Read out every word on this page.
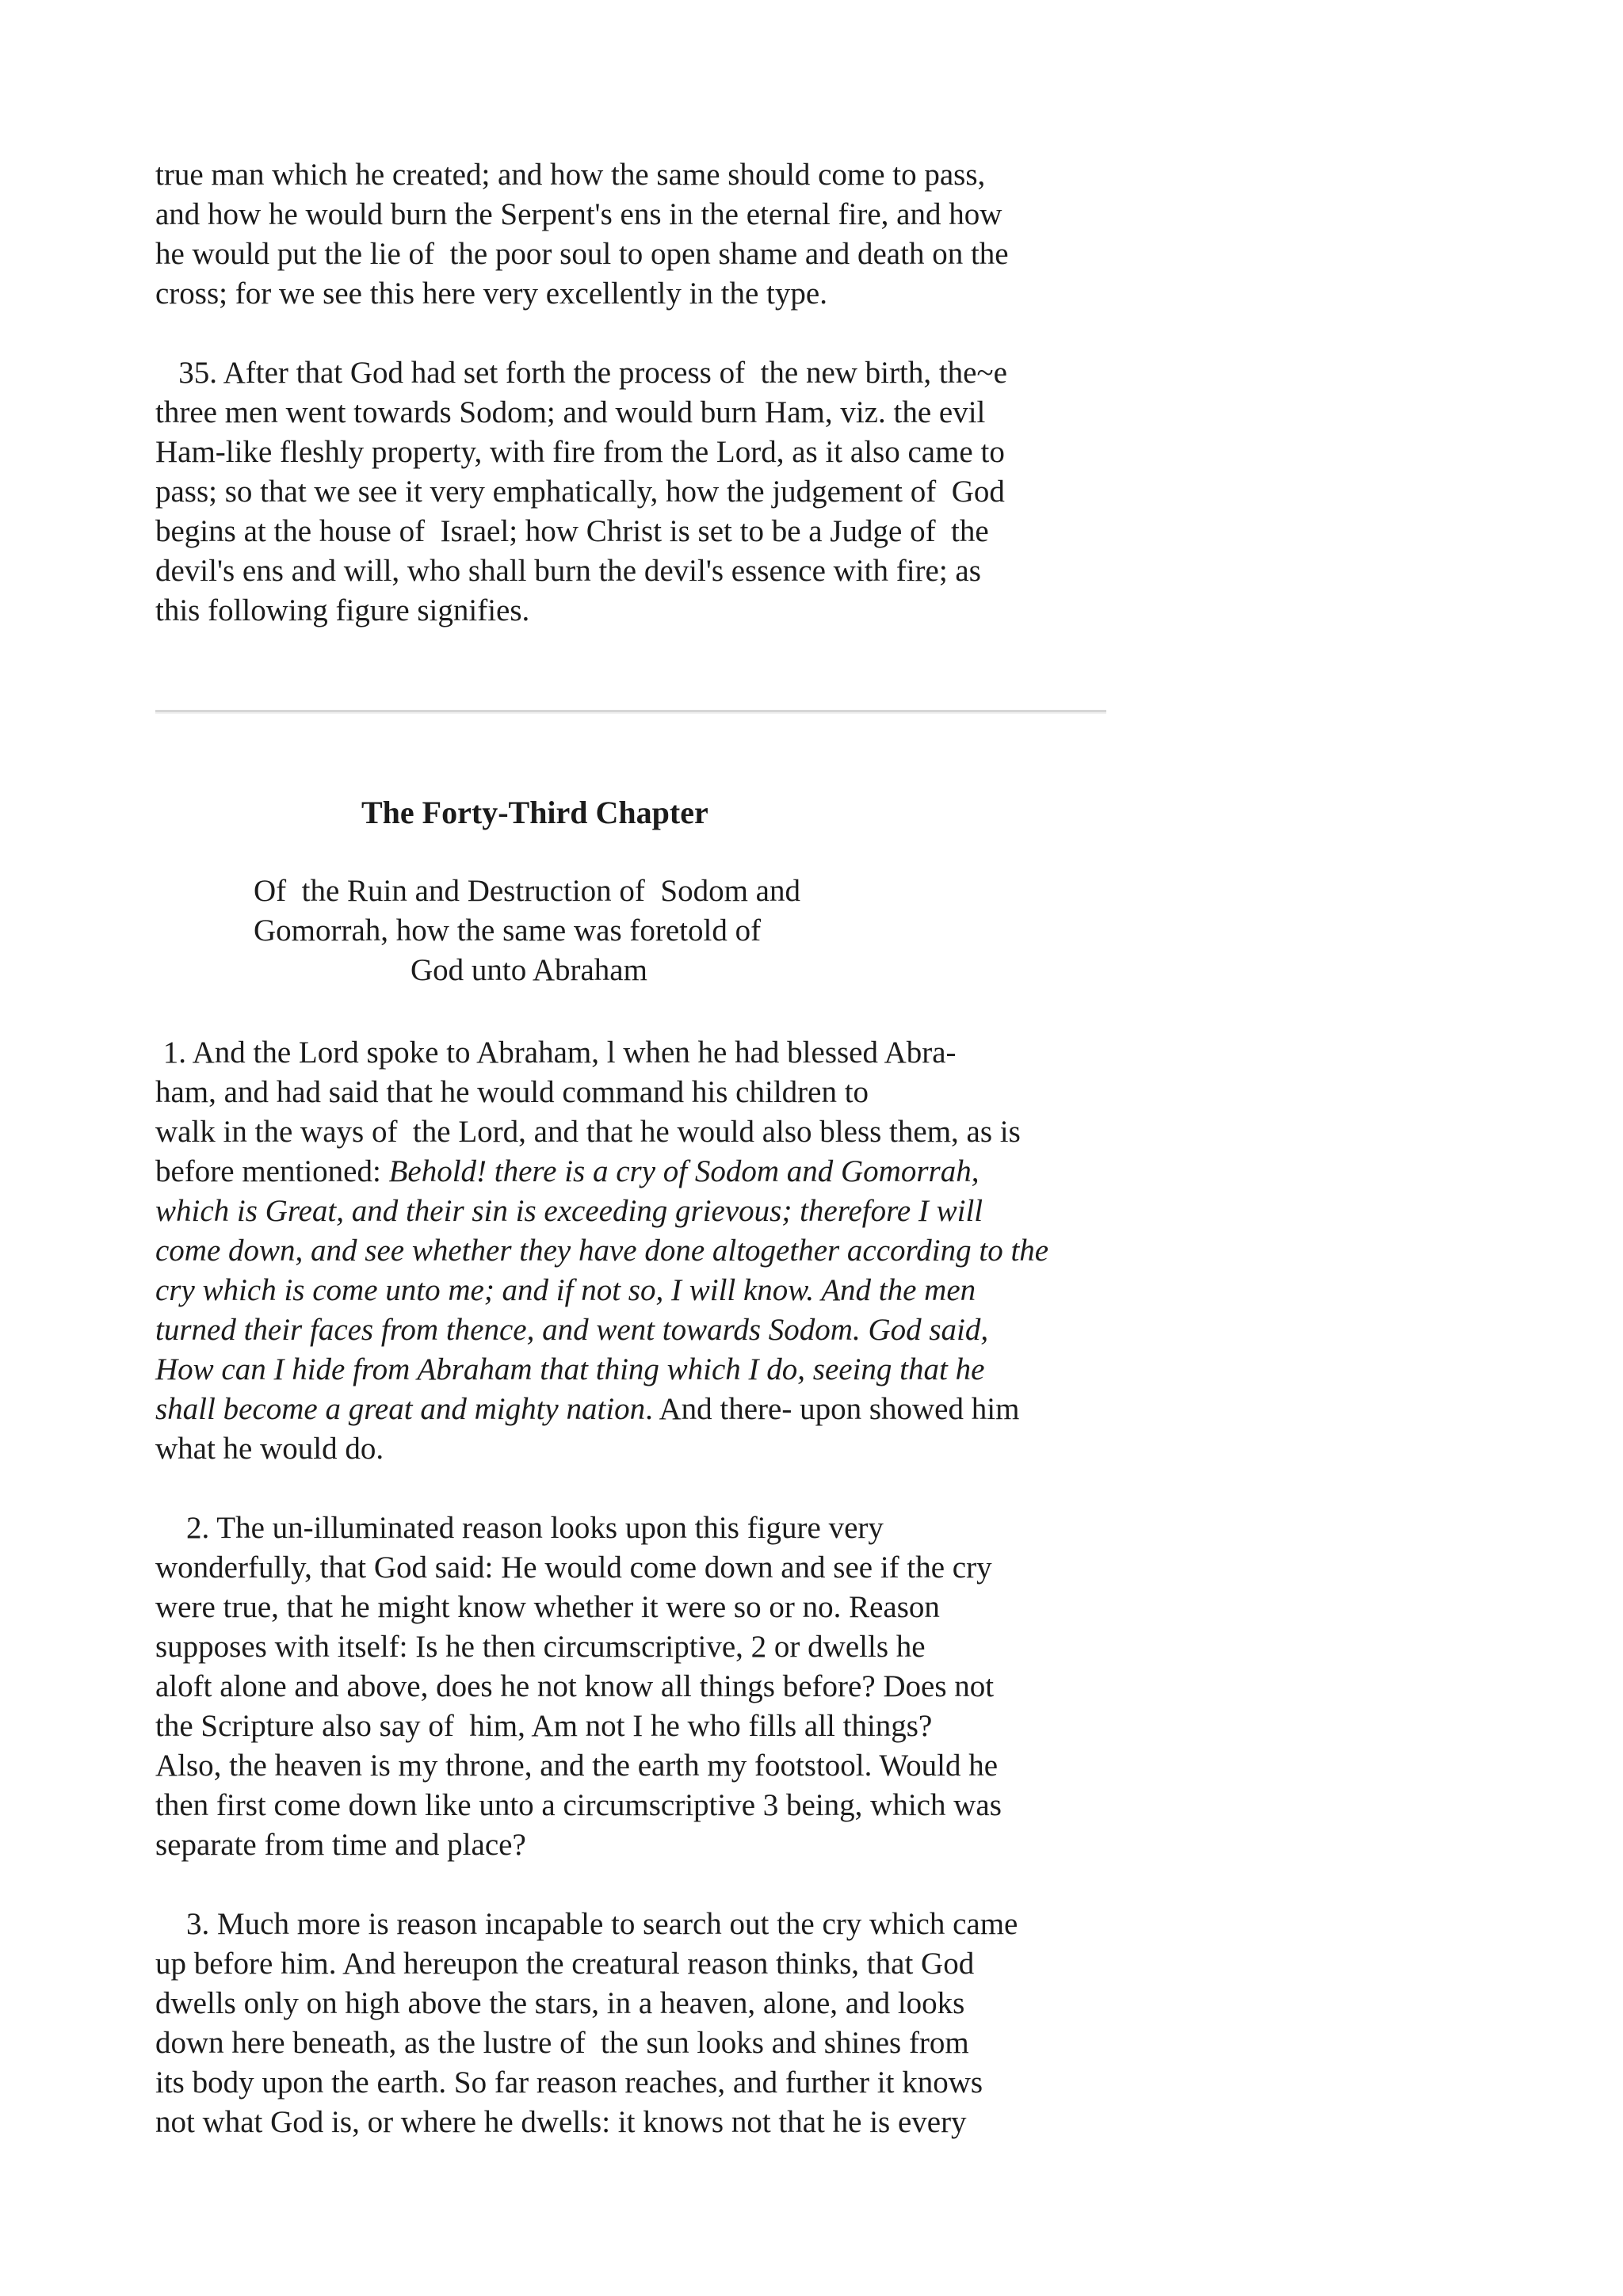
true man which he created; and how the same should come to pass,
and how he would burn the Serpent's ens in the eternal fire, and how
he would put the lie of  the poor soul to open shame and death on the
cross; for we see this here very excellently in the type.
35. After that God had set forth the process of  the new birth, the~e
three men went towards Sodom; and would burn Ham, viz. the evil
Ham-like fleshly property, with fire from the Lord, as it also came to
pass; so that we see it very emphatically, how the judgement of  God
begins at the house of  Israel; how Christ is set to be a Judge of  the
devil's ens and will, who shall burn the devil's essence with fire; as
this following figure signifies.
The Forty-Third Chapter
Of  the Ruin and Destruction of  Sodom and
Gomorrah, how the same was foretold of
God unto Abraham
1. And the Lord spoke to Abraham, l when he had blessed Abra-
ham, and had said that he would command his children to
walk in the ways of  the Lord, and that he would also bless them, as is
before mentioned: Behold! there is a cry of Sodom and Gomorrah,
which is Great, and their sin is exceeding grievous; therefore I will
come down, and see whether they have done altogether according to the
cry which is come unto me; and if not so, I will know. And the men
turned their faces from thence, and went towards Sodom. God said,
How can I hide from Abraham that thing which I do, seeing that he
shall become a great and mighty nation. And there- upon showed him
what he would do.
2. The un-illuminated reason looks upon this figure very
wonderfully, that God said: He would come down and see if the cry
were true, that he might know whether it were so or no. Reason
supposes with itself: Is he then circumscriptive, 2 or dwells he
aloft alone and above, does he not know all things before? Does not
the Scripture also say of  him, Am not I he who fills all things?
Also, the heaven is my throne, and the earth my footstool. Would he
then first come down like unto a circumscriptive 3 being, which was
separate from time and place?
3. Much more is reason incapable to search out the cry which came
up before him. And hereupon the creatural reason thinks, that God
dwells only on high above the stars, in a heaven, alone, and looks
down here beneath, as the lustre of  the sun looks and shines from
its body upon the earth. So far reason reaches, and further it knows
not what God is, or where he dwells: it knows not that he is every
